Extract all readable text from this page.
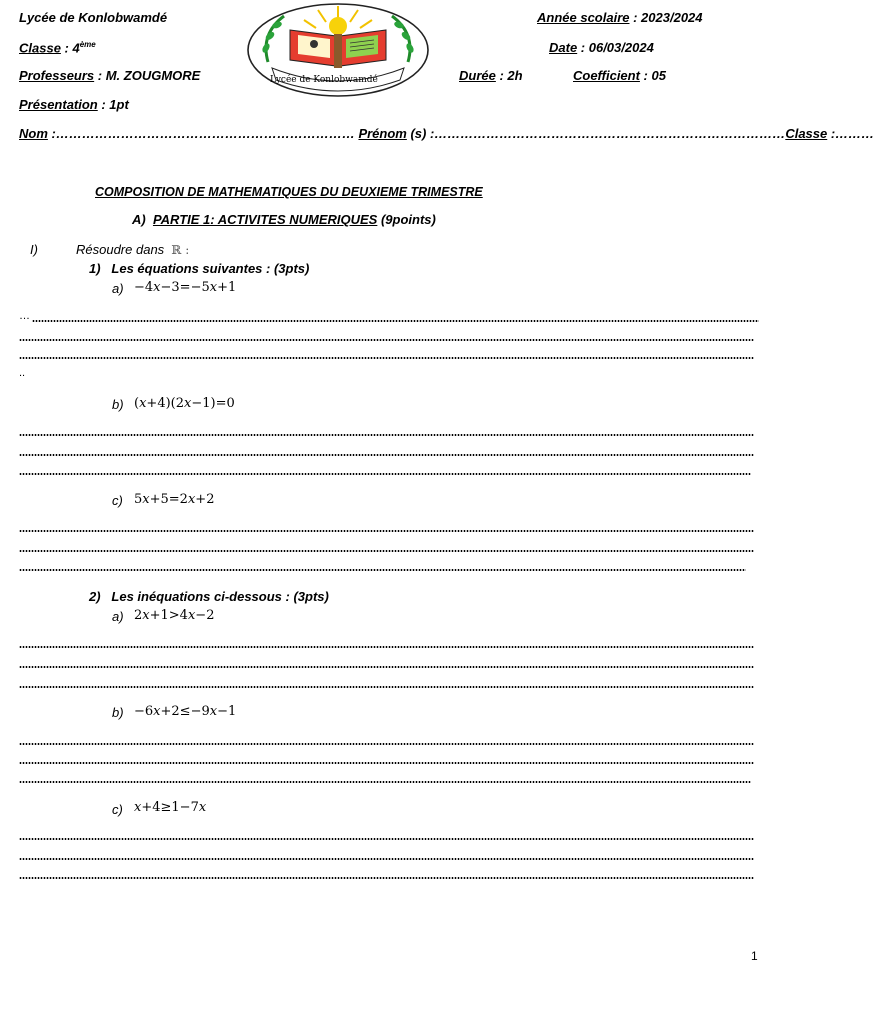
Lycée de Konlobwamdé	Année scolaire : 2023/2024
Classe : 4ème	Date : 06/03/2024
Professeurs : M. ZOUGMORE	Durée : 2h	Coefficient : 05
Présentation : 1pt
Nom :…………………………………………………………… Prénom (s) :………………………………………………………………………Classe :………
Lycée de Konlobwamdé
COMPOSITION DE MATHEMATIQUES DU DEUXIEME TRIMESTRE
A) PARTIE 1: ACTIVITES NUMERIQUES (9points)
I)	Résoudre dans ℝ :
1) Les équations suivantes : (3pts)
a) −4x−3=−5x+1
…
..
b) (x+4)(2x−1)=0
c) 5x+5=2x+2
2) Les inéquations ci-dessous : (3pts)
a) 2x+1>4x−2
b) −6x+2≤−9x−1
c) x+4≥1−7x
1
